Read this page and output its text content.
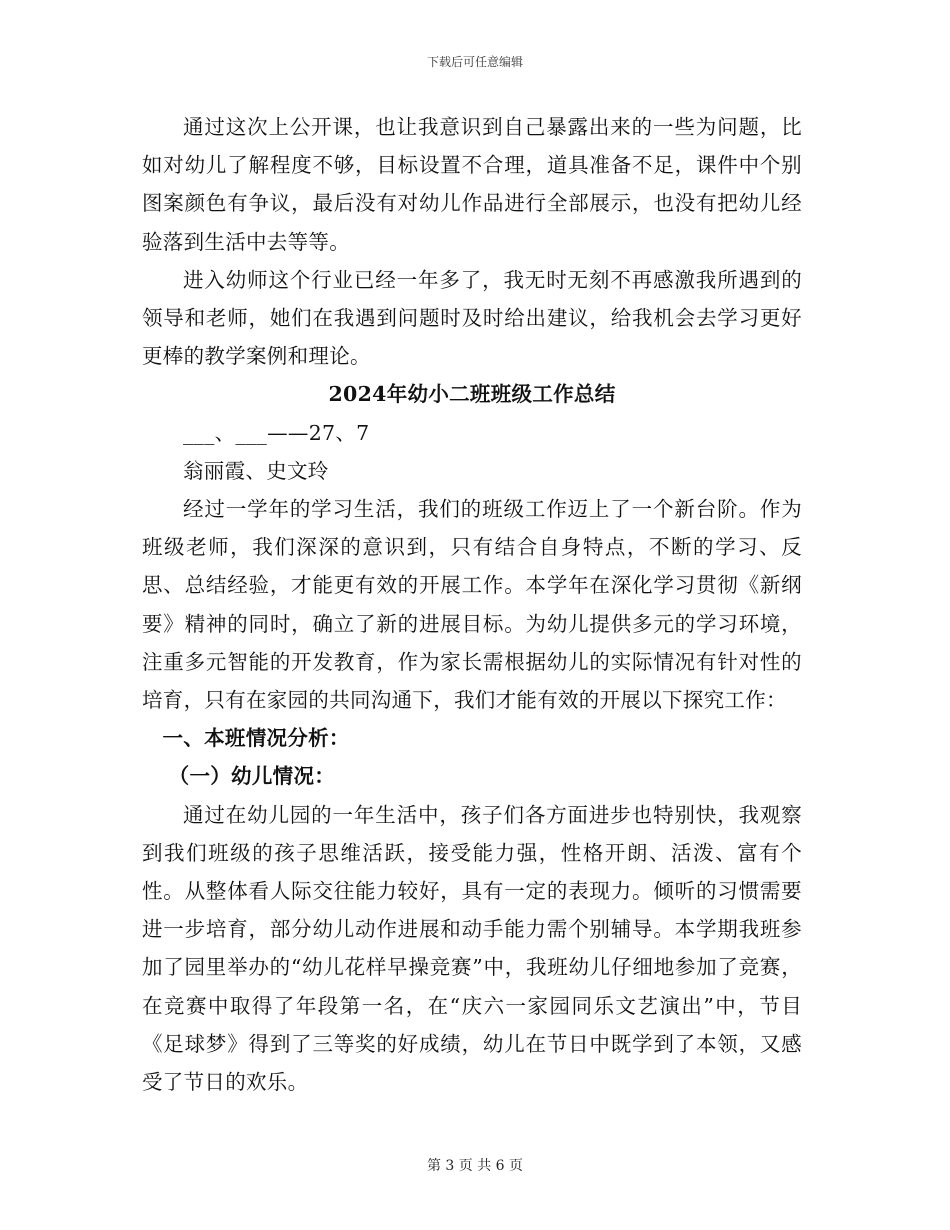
下载后可任意编辑

通过这次上公开课，也让我意识到自己暴露出来的一些为问题，比如对幼儿了解程度不够，目标设置不合理，道具准备不足，课件中个别图案颜色有争议，最后没有对幼儿作品进行全部展示，也没有把幼儿经验落到生活中去等等。

进入幼师这个行业已经一年多了，我无时无刻不再感激我所遇到的领导和老师，她们在我遇到问题时及时给出建议，给我机会去学习更好更棒的教学案例和理论。

2024年幼小二班班级工作总结

___、___——27、7

翁丽霞、史文玲

经过一学年的学习生活，我们的班级工作迈上了一个新台阶。作为班级老师，我们深深的意识到，只有结合自身特点，不断的学习、反思、总结经验，才能更有效的开展工作。本学年在深化学习贯彻《新纲要》精神的同时，确立了新的进展目标。为幼儿提供多元的学习环境，注重多元智能的开发教育，作为家长需根据幼儿的实际情况有针对性的培育，只有在家园的共同沟通下，我们才能有效的开展以下探究工作：

一、本班情况分析：

（一）幼儿情况：

通过在幼儿园的一年生活中，孩子们各方面进步也特别快，我观察到我们班级的孩子思维活跃，接受能力强，性格开朗、活泼、富有个性。从整体看人际交往能力较好，具有一定的表现力。倾听的习惯需要进一步培育，部分幼儿动作进展和动手能力需个别辅导。本学期我班参加了园里举办的“幼儿花样早操竞赛”中，我班幼儿仔细地参加了竞赛，在竞赛中取得了年段第一名，在“庆六一家园同乐文艺演出”中，节目《足球梦》得到了三等奖的好成绩，幼儿在节日中既学到了本领，又感受了节日的欢乐。

第 3 页 共 6 页
